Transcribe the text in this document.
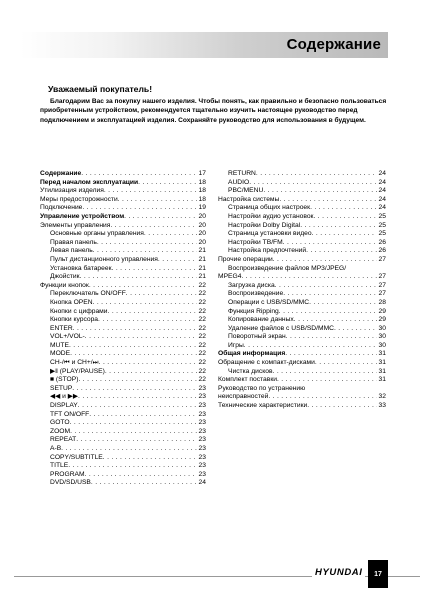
Содержание
Уважаемый покупатель!
Благодарим Вас за покупку нашего изделия. Чтобы понять, как правильно и безопасно пользоваться приобретенным устройством, рекомендуется тщательно изучить настоящее руководство перед подключением и эксплуатацией изделия. Сохраняйте руководство для использования в будущем.
Содержание . . .	17
Перед началом эксплуатации . . .	18
Утилизация изделия . . .	18
Меры предосторожности . . .	18
Подключение . . .	19
Управление устройством . . .	20
Элементы управления . . .	20
Основные органы управления . . .	20
Правая панель . . .	20
Левая панель . . .	21
Пульт дистанционного управления . . .	21
Установка батареек . . .	21
Джойстик . . .	21
Функции кнопок . . .	22
Переключатель ON/OFF . . .	22
Кнопка OPEN . . .	22
Кнопки с цифрами . . .	22
Кнопки курсора . . .	22
ENTER . . .	22
VOL+/VOL- . . .	22
MUTE . . .	22
MODE . . .	22
CH-/⏮ и CH+/⏭ . . .	22
▶‖ (PLAY/PAUSE) . . .	22
■ (STOP) . . .	22
SETUP . . .	23
◀◀ и ▶▶ . . .	23
DISPLAY . . .	23
TFT ON/OFF . . .	23
GOTO . . .	23
ZOOM . . .	23
REPEAT . . .	23
A-B . . .	23
COPY/SUBTITLE . . .	23
TITLE . . .	23
PROGRAM . . .	23
DVD/SD/USB . . .	24
RETURN . . .	24
AUDIO . . .	24
PBC/MENU . . .	24
Настройка системы . . .	24
Страница общих настроек . . .	24
Настройки аудио установок . . .	25
Настройки Dolby Digital . . .	25
Страница установки видео . . .	25
Настройки TB/FM . . .	26
Настройка предпочтений . . .	26
Прочие операции . . .	27
Воспроизведение файлов MP3/JPEG/
MPEG4 . . .	27
Загрузка диска . . .	27
Воспроизведение . . .	27
Операции с USB/SD/MMC . . .	28
Функция Ripping . . .	29
Копирование данных . . .	29
Удаление файлов с USB/SD/MMC . . .	30
Поворотный экран . . .	30
Игры . . .	30
Общая информация . . .	31
Обращение с компакт-дисками . . .	31
Чистка дисков . . .	31
Комплект поставки . . .	31
Руководство по устранению
неисправностей . . .	32
Технические характеристики . . .	33
HYUNDAI	17
